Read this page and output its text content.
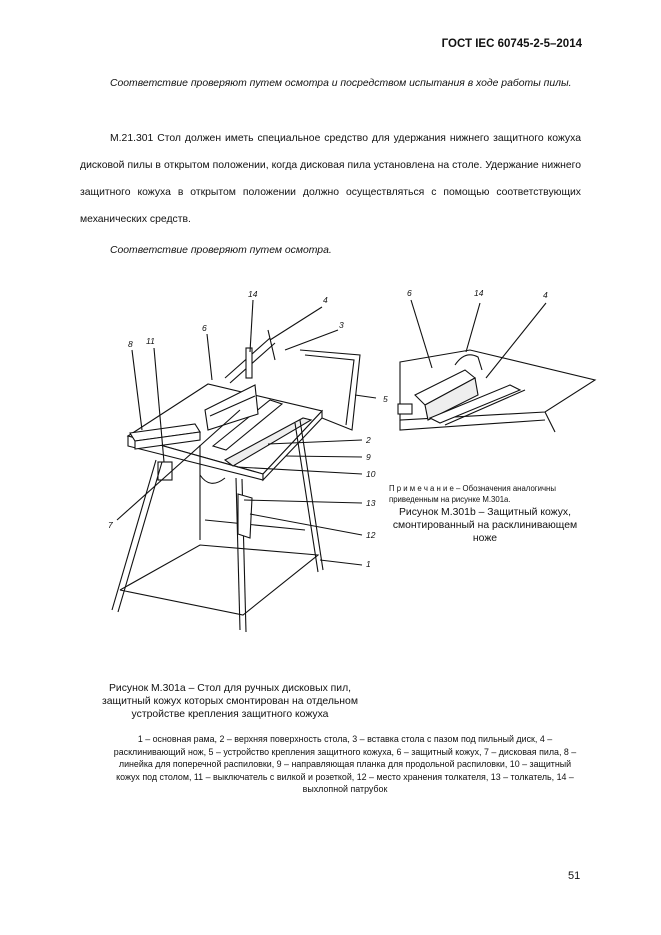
ГОСТ IEC 60745-2-5–2014
Соответствие проверяют путем осмотра и посредством испытания в ходе работы пилы.
М.21.301 Стол должен иметь специальное средство для удержания нижнего защитного кожуха дисковой пилы в открытом положении, когда дисковая пила установлена на столе. Удержание нижнего защитного кожуха в открытом положении должно осуществляться с помощью соответствующих механических средств.
Соответствие проверяют путем осмотра.
14
4
3
6
8 11
5
2
9
10
13
12
1
7
6	14	4
П р и м е ч а н и е – Обозначения аналогичны приведенным на рисунке М.301а.
Рисунок М.301b – Защитный кожух, смонтированный на расклинивающем ноже
Рисунок М.301а – Стол для ручных дисковых пил, защитный кожух которых смонтирован на отдельном устройстве крепления защитного кожуха
1 – основная рама, 2 – верхняя поверхность стола, 3 – вставка стола с пазом под пильный диск, 4 – расклинивающий нож, 5 – устройство крепления защитного кожуха, 6 – защитный кожух, 7 – дисковая пила, 8 – линейка для поперечной распиловки, 9 – направляющая планка для продольной распиловки, 10 – защитный кожух под столом, 11 – выключатель с вилкой и розеткой, 12 – место хранения толкателя, 13 – толкатель, 14 – выхлопной патрубок
51
